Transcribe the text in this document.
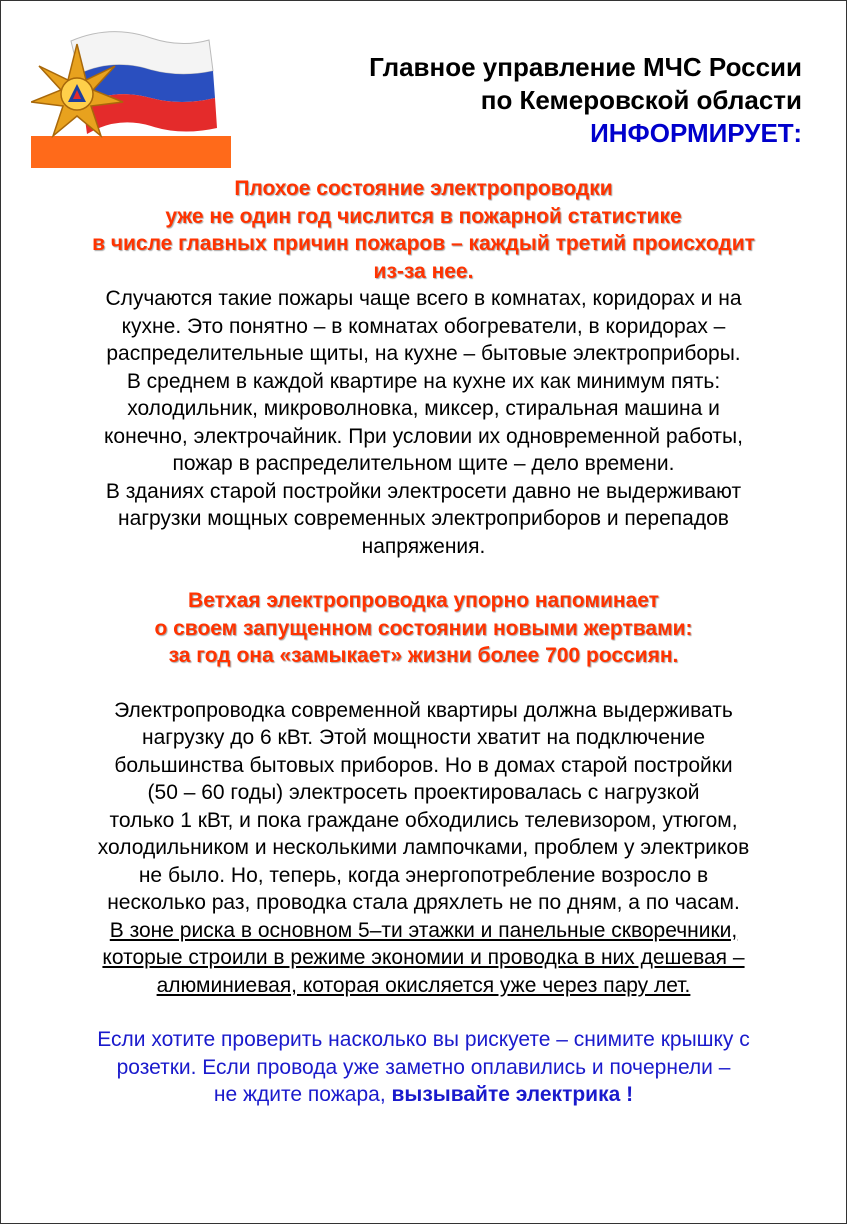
Главное управление МЧС России
по Кемеровской области
ИНФОРМИРУЕТ:

Плохое состояние электропроводки

уже не один год числится в пожарной статистике

в числе главных причин пожаров – каждый третий происходит

из-за нее.

Случаются такие пожары чаще всего в комнатах, коридорах и на

кухне. Это понятно – в комнатах обогреватели, в коридорах –

распределительные щиты, на кухне – бытовые электроприборы.

В среднем в каждой квартире на кухне их как минимум пять:

холодильник, микроволновка, миксер, стиральная машина и

конечно, электрочайник. При условии их одновременной работы,

пожар в распределительном щите – дело времени.

В зданиях старой постройки электросети давно не выдерживают

нагрузки мощных современных электроприборов и перепадов

напряжения.

Ветхая электропроводка упорно напоминает

о своем запущенном состоянии новыми жертвами:

за год она «замыкает» жизни более 700 россиян.

Электропроводка современной квартиры должна выдерживать

нагрузку до 6 кВт. Этой мощности хватит на подключение

большинства бытовых приборов. Но в домах старой постройки

(50 – 60 годы) электросеть проектировалась с нагрузкой

только 1 кВт, и пока граждане обходились телевизором, утюгом,

холодильником и несколькими лампочками, проблем у электриков

не было. Но, теперь, когда энергопотребление возросло в

несколько раз, проводка стала дряхлеть не по дням, а по часам.

В зоне риска в основном 5–ти этажки и панельные скворечники,

которые строили в режиме экономии и проводка в них дешевая –

алюминиевая, которая окисляется уже через пару лет.

Если хотите проверить насколько вы рискуете – снимите крышку с

розетки. Если провода уже заметно оплавились и почернели –

не ждите пожара, вызывайте электрика !
